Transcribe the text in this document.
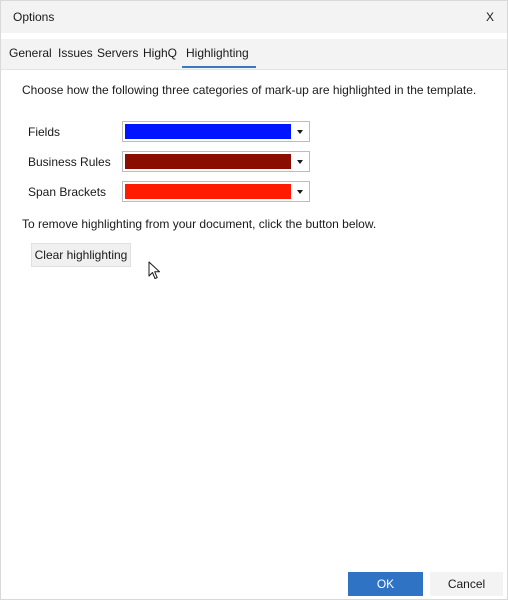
Options	X
General Issues Servers HighQ Highlighting
Choose how the following three categories of mark-up are highlighted in the template.
Fields
Business Rules
Span Brackets
To remove highlighting from your document, click the button below.
Clear highlighting
OK	Cancel
